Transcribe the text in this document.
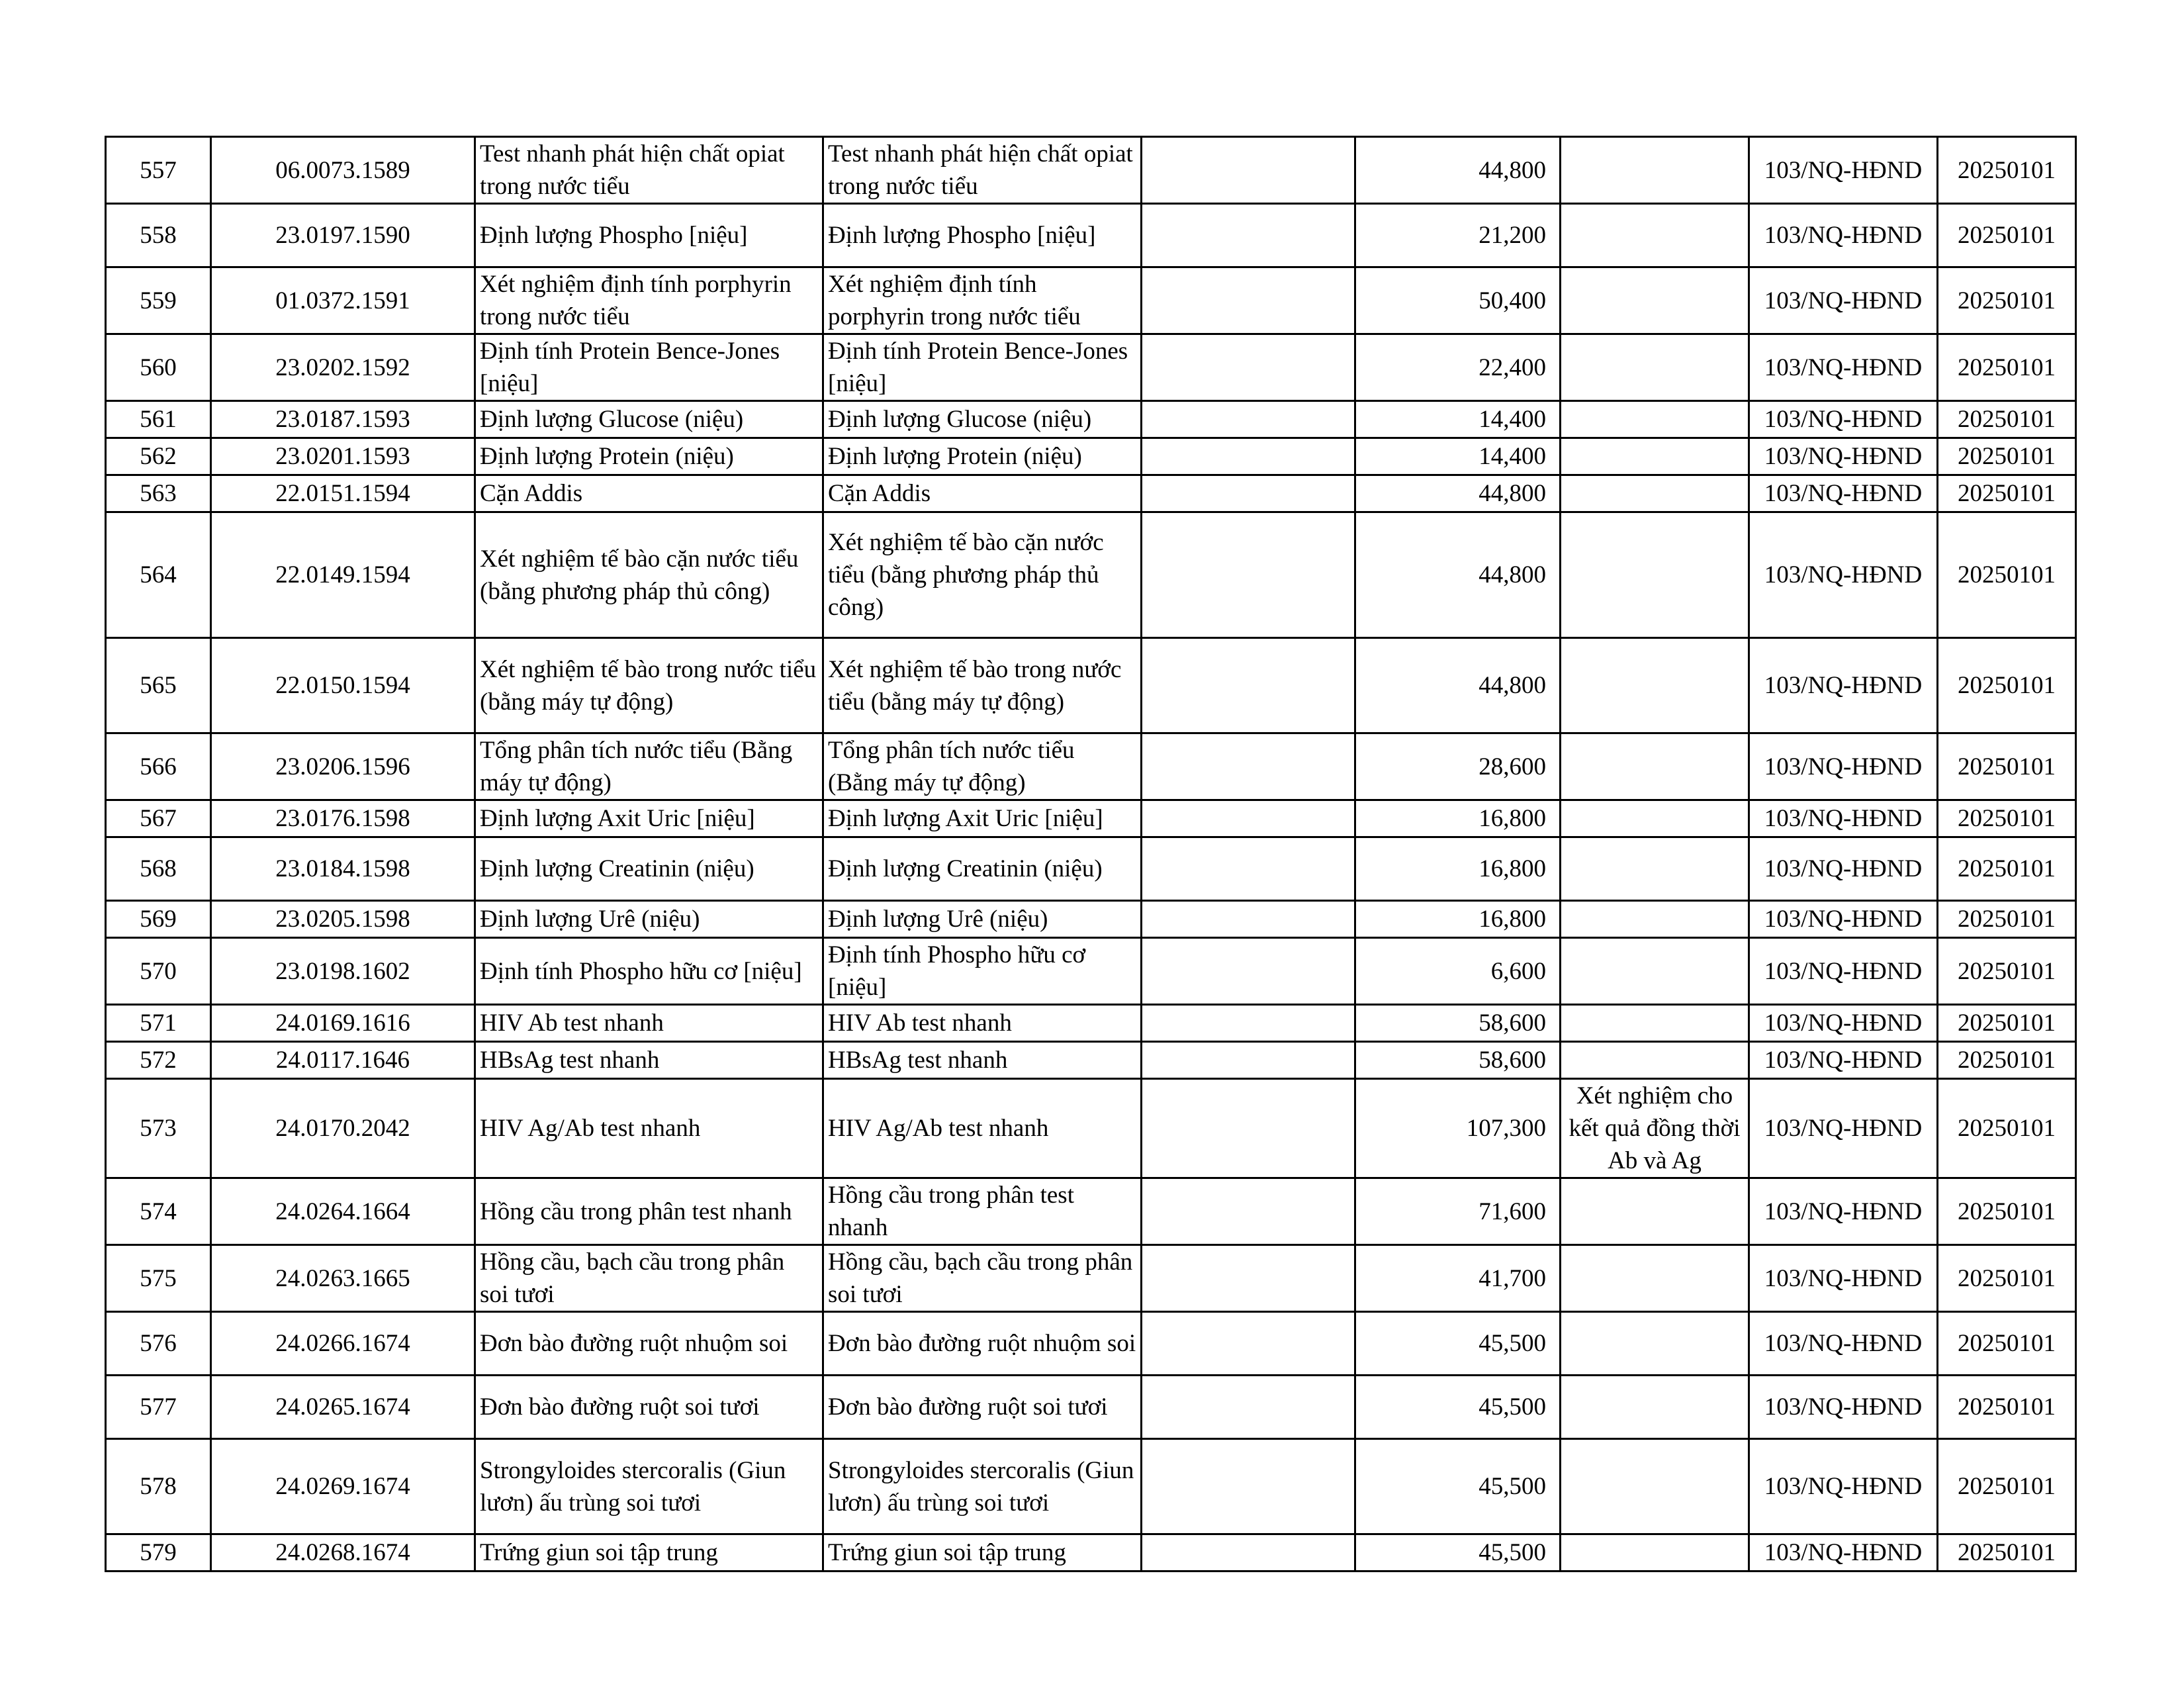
557	06.0073.1589	Test nhanh phát hiện chất opiat trong nước tiểu	Test nhanh phát hiện chất opiat trong nước tiểu		44,800		103/NQ-HĐND	20250101
558	23.0197.1590	Định lượng Phospho [niệu]	Định lượng Phospho [niệu]		21,200		103/NQ-HĐND	20250101
559	01.0372.1591	Xét nghiệm định tính porphyrin trong nước tiểu	Xét nghiệm định tính porphyrin trong nước tiểu		50,400		103/NQ-HĐND	20250101
560	23.0202.1592	Định tính Protein Bence-Jones [niệu]	Định tính Protein Bence-Jones [niệu]		22,400		103/NQ-HĐND	20250101
561	23.0187.1593	Định lượng Glucose (niệu)	Định lượng Glucose (niệu)		14,400		103/NQ-HĐND	20250101
562	23.0201.1593	Định lượng Protein (niệu)	Định lượng Protein (niệu)		14,400		103/NQ-HĐND	20250101
563	22.0151.1594	Cặn Addis	Cặn Addis		44,800		103/NQ-HĐND	20250101
564	22.0149.1594	Xét nghiệm tế bào cặn nước tiểu (bằng phương pháp thủ công)	Xét nghiệm tế bào cặn nước tiểu (bằng phương pháp thủ công)		44,800		103/NQ-HĐND	20250101
565	22.0150.1594	Xét nghiệm tế bào trong nước tiểu (bằng máy tự động)	Xét nghiệm tế bào trong nước tiểu (bằng máy tự động)		44,800		103/NQ-HĐND	20250101
566	23.0206.1596	Tổng phân tích nước tiểu (Bằng máy tự động)	Tổng phân tích nước tiểu (Bằng máy tự động)		28,600		103/NQ-HĐND	20250101
567	23.0176.1598	Định lượng Axit Uric [niệu]	Định lượng Axit Uric [niệu]		16,800		103/NQ-HĐND	20250101
568	23.0184.1598	Định lượng Creatinin (niệu)	Định lượng Creatinin (niệu)		16,800		103/NQ-HĐND	20250101
569	23.0205.1598	Định lượng Urê (niệu)	Định lượng Urê (niệu)		16,800		103/NQ-HĐND	20250101
570	23.0198.1602	Định tính Phospho hữu cơ [niệu]	Định tính Phospho hữu cơ [niệu]		6,600		103/NQ-HĐND	20250101
571	24.0169.1616	HIV Ab test nhanh	HIV Ab test nhanh		58,600		103/NQ-HĐND	20250101
572	24.0117.1646	HBsAg test nhanh	HBsAg test nhanh		58,600		103/NQ-HĐND	20250101
573	24.0170.2042	HIV Ag/Ab test nhanh	HIV Ag/Ab test nhanh		107,300	Xét nghiệm cho kết quả đồng thời Ab và Ag	103/NQ-HĐND	20250101
574	24.0264.1664	Hồng cầu trong phân test nhanh	Hồng cầu trong phân test nhanh		71,600		103/NQ-HĐND	20250101
575	24.0263.1665	Hồng cầu, bạch cầu trong phân soi tươi	Hồng cầu, bạch cầu trong phân soi tươi		41,700		103/NQ-HĐND	20250101
576	24.0266.1674	Đơn bào đường ruột nhuộm soi	Đơn bào đường ruột nhuộm soi		45,500		103/NQ-HĐND	20250101
577	24.0265.1674	Đơn bào đường ruột soi tươi	Đơn bào đường ruột soi tươi		45,500		103/NQ-HĐND	20250101
578	24.0269.1674	Strongyloides stercoralis (Giun lươn) ấu trùng soi tươi	Strongyloides stercoralis (Giun lươn) ấu trùng soi tươi		45,500		103/NQ-HĐND	20250101
579	24.0268.1674	Trứng giun soi tập trung	Trứng giun soi tập trung		45,500		103/NQ-HĐND	20250101
